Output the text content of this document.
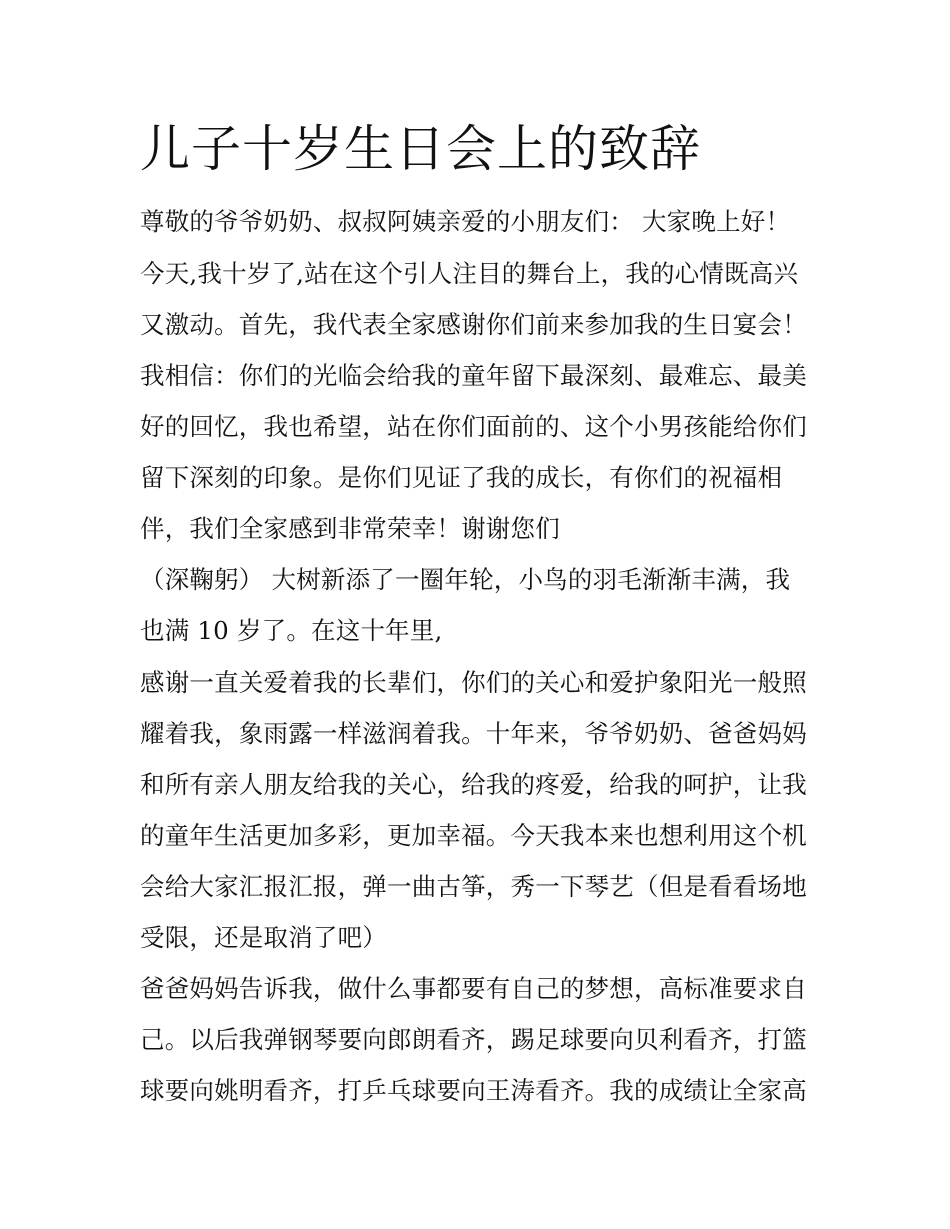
儿子十岁生日会上的致辞
尊敬的爷爷奶奶、叔叔阿姨亲爱的小朋友们： 大家晚上好！
今天,我十岁了,站在这个引人注目的舞台上，我的心情既高兴
又激动。首先，我代表全家感谢你们前来参加我的生日宴会！
我相信：你们的光临会给我的童年留下最深刻、最难忘、最美
好的回忆，我也希望，站在你们面前的、这个小男孩能给你们
留下深刻的印象。是你们见证了我的成长，有你们的祝福相
伴，我们全家感到非常荣幸！谢谢您们
（深鞠躬） 大树新添了一圈年轮，小鸟的羽毛渐渐丰满，我
也满 10 岁了。在这十年里,
感谢一直关爱着我的长辈们，你们的关心和爱护象阳光一般照
耀着我，象雨露一样滋润着我。十年来，爷爷奶奶、爸爸妈妈
和所有亲人朋友给我的关心，给我的疼爱，给我的呵护，让我
的童年生活更加多彩，更加幸福。今天我本来也想利用这个机
会给大家汇报汇报，弹一曲古筝，秀一下琴艺（但是看看场地
受限，还是取消了吧）
爸爸妈妈告诉我，做什么事都要有自己的梦想，高标准要求自
己。以后我弹钢琴要向郎朗看齐，踢足球要向贝利看齐，打篮
球要向姚明看齐，打乒乓球要向王涛看齐。我的成绩让全家高
